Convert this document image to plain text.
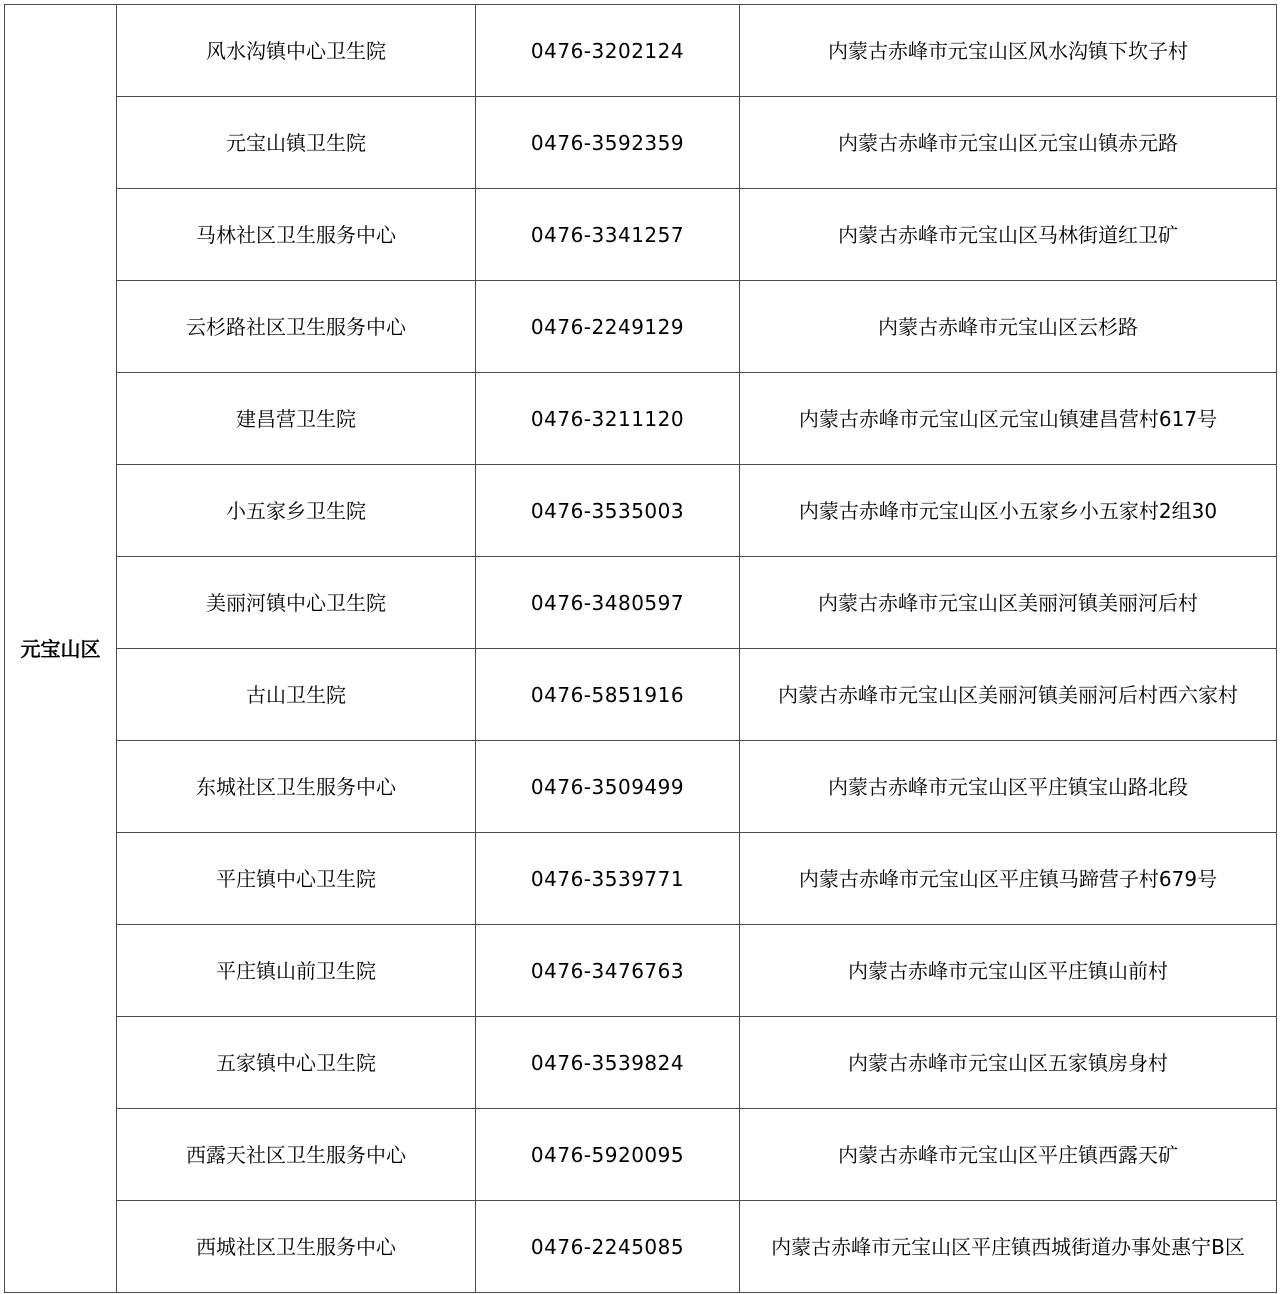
元宝山区	风水沟镇中心卫生院	0476-3202124	内蒙古赤峰市元宝山区风水沟镇下坎子村
	元宝山镇卫生院	0476-3592359	内蒙古赤峰市元宝山区元宝山镇赤元路
	马林社区卫生服务中心	0476-3341257	内蒙古赤峰市元宝山区马林街道红卫矿
	云杉路社区卫生服务中心	0476-2249129	内蒙古赤峰市元宝山区云杉路
	建昌营卫生院	0476-3211120	内蒙古赤峰市元宝山区元宝山镇建昌营村617号
	小五家乡卫生院	0476-3535003	内蒙古赤峰市元宝山区小五家乡小五家村2组30
	美丽河镇中心卫生院	0476-3480597	内蒙古赤峰市元宝山区美丽河镇美丽河后村
	古山卫生院	0476-5851916	内蒙古赤峰市元宝山区美丽河镇美丽河后村西六家村
	东城社区卫生服务中心	0476-3509499	内蒙古赤峰市元宝山区平庄镇宝山路北段
	平庄镇中心卫生院	0476-3539771	内蒙古赤峰市元宝山区平庄镇马蹄营子村679号
	平庄镇山前卫生院	0476-3476763	内蒙古赤峰市元宝山区平庄镇山前村
	五家镇中心卫生院	0476-3539824	内蒙古赤峰市元宝山区五家镇房身村
	西露天社区卫生服务中心	0476-5920095	内蒙古赤峰市元宝山区平庄镇西露天矿
	西城社区卫生服务中心	0476-2245085	内蒙古赤峰市元宝山区平庄镇西城街道办事处惠宁B区
